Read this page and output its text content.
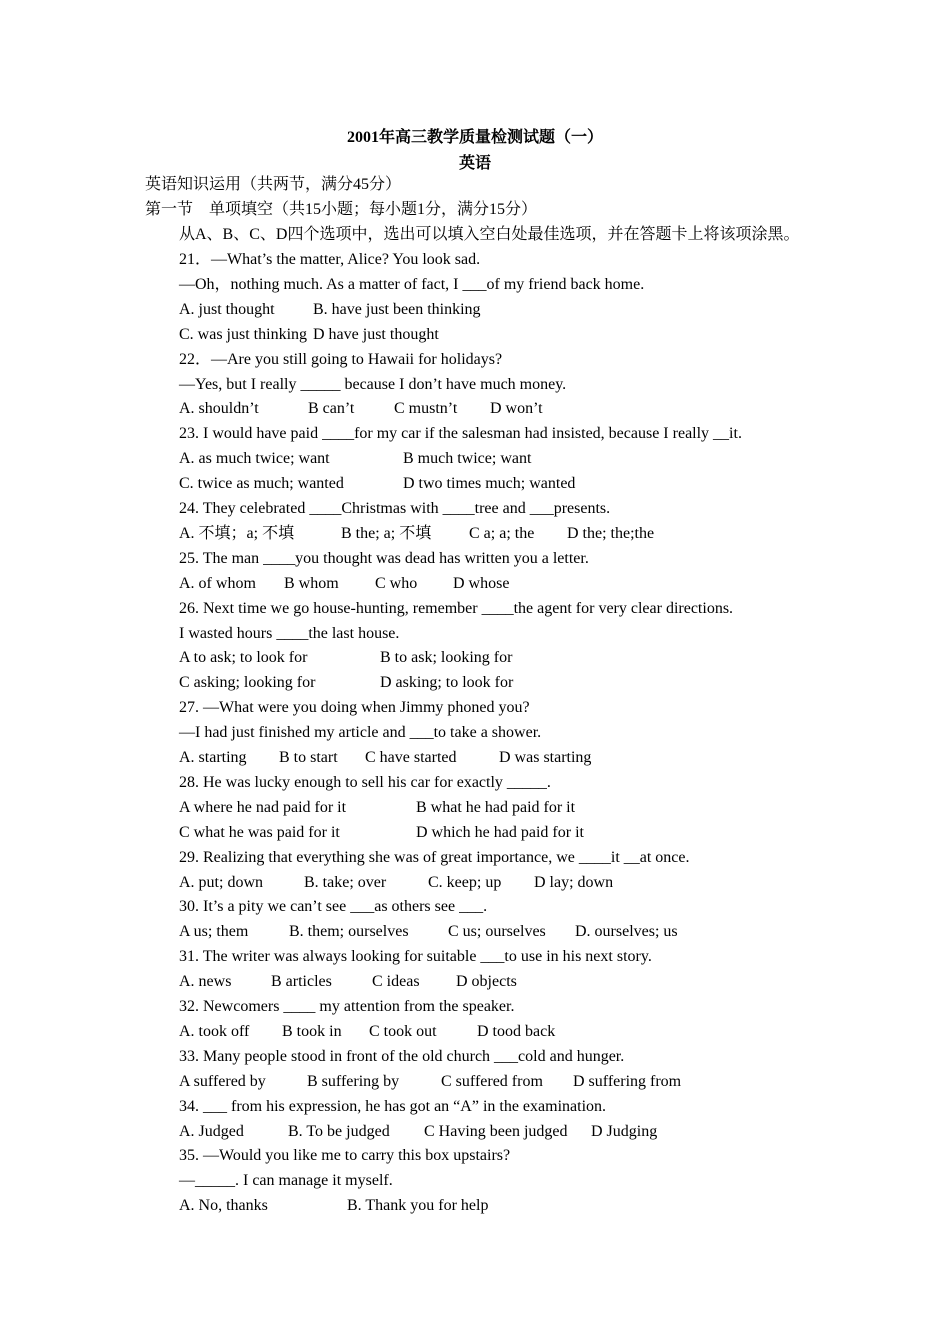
2001年高三教学质量检测试题（一）
英语
英语知识运用（共两节，满分45分）
第一节　单项填空（共15小题；每小题1分，满分15分）
从A、B、C、D四个选项中，选出可以填入空白处最佳选项，并在答题卡上将该项涂黑。
21．—What’s the matter, Alice? You look sad.
—Oh，nothing much. As a matter of fact, I ___of my friend back home.
A. just thought B. have just been thinking
C. was just thinking D have just thought
22．—Are you still going to Hawaii for holidays?
—Yes, but I really _____ because I don’t have much money.
A. shouldn’t	B can’t C mustn’t D won’t
23. I would have paid ____for my car if the salesman had insisted, because I really __it.
A. as much twice; want	B much twice; want
C. twice as much; wanted	D two times much; wanted
24. They celebrated ____Christmas with ____tree and ___presents.
A. 不填；a; 不填	B the; a; 不填 C a; a; the D the; the;the
25. The man ____you thought was dead has written you a letter.
A. of whom B whom C who D whose
26. Next time we go house-hunting, remember ____the agent for very clear directions.
I wasted hours ____the last house.
A to ask; to look for	B to ask; looking for
C asking; looking for	D asking; to look for
27. —What were you doing when Jimmy phoned you?
—I had just finished my article and ___to take a shower.
A. starting B to start C have started	D was starting
28. He was lucky enough to sell his car for exactly _____.
A where he nad paid for it	B what he had paid for it
C what he was paid for it	D which he had paid for it
29. Realizing that everything she was of great importance, we ____it __at once.
A. put; down	B. take; over	C. keep; up D lay; down
30. It’s a pity we can’t see ___as others see ___.
A us; them	B. them; ourselves C us; ourselves D. ourselves; us
31. The writer was always looking for suitable ___to use in his next story.
A. news B articles	C ideas D objects
32. Newcomers ____ my attention from the speaker.
A. took off B took in C took out	D tood back
33. Many people stood in front of the old church ___cold and hunger.
A suffered by	B suffering by	C suffered from D suffering from
34. ___ from his expression, he has got an “A” in the examination.
A. Judged	B. To be judged C Having been judged D Judging
35. —Would you like me to carry this box upstairs?
—_____. I can manage it myself.
A. No, thanks	B. Thank you for help
